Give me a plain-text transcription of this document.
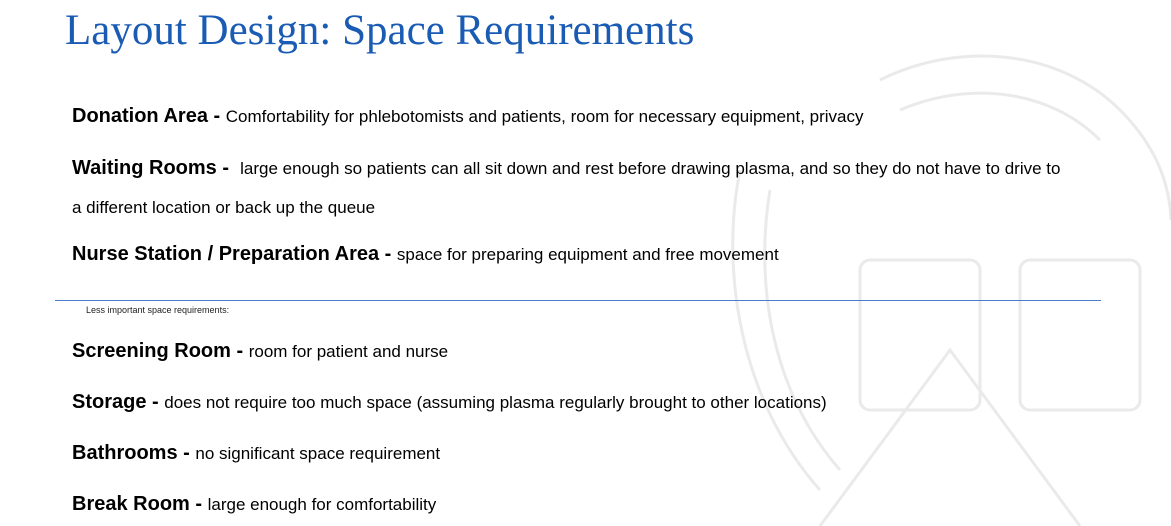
Layout Design: Space Requirements
Donation Area - Comfortability for phlebotomists and patients, room for necessary equipment, privacy
Waiting Rooms -  large enough so patients can all sit down and rest before drawing plasma, and so they do not have to drive to a different location or back up the queue
Nurse Station / Preparation Area - space for preparing equipment and free movement
Less important space requirements:
Screening Room - room for patient and nurse
Storage - does not require too much space (assuming plasma regularly brought to other locations)
Bathrooms - no significant space requirement
Break Room - large enough for comfortability
